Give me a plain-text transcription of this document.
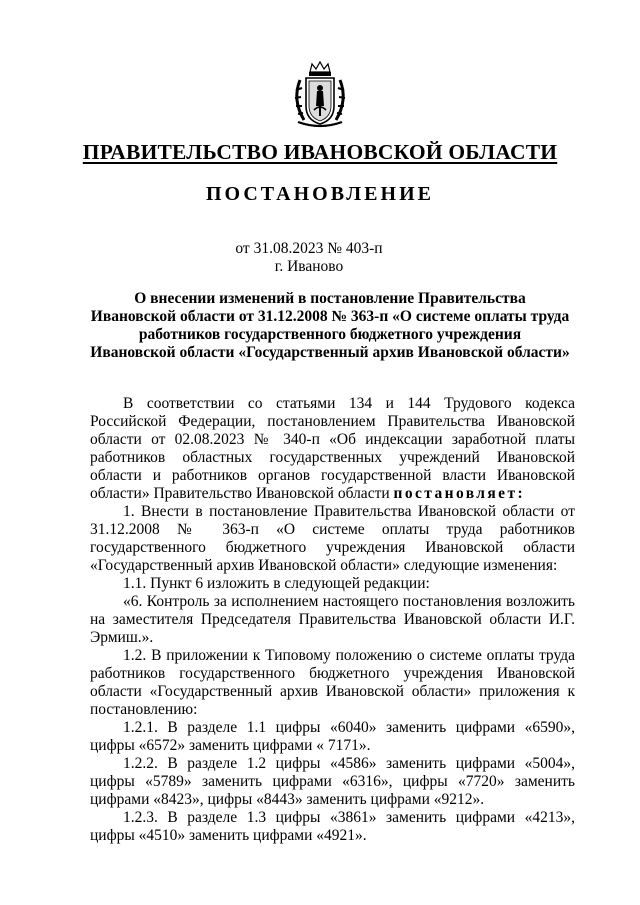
ПРАВИТЕЛЬСТВО ИВАНОВСКОЙ ОБЛАСТИ
ПОСТАНОВЛЕНИЕ
от 31.08.2023 № 403-п
г. Иваново
О внесении изменений в постановление Правительства
Ивановской области от 31.12.2008 № 363-п «О системе оплаты труда
работников государственного бюджетного учреждения
Ивановской области «Государственный архив Ивановской области»

В соответствии со статьями 134 и 144 Трудового кодекса Российской Федерации, постановлением Правительства Ивановской области от 02.08.2023 № 340-п «Об индексации заработной платы работников областных государственных учреждений Ивановской области и работников органов государственной власти Ивановской области» Правительство Ивановской области постановляет:

1. Внести в постановление Правительства Ивановской области от 31.12.2008 № 363-п «О системе оплаты труда работников государственного бюджетного учреждения Ивановской области «Государственный архив Ивановской области» следующие изменения:

1.1. Пункт 6 изложить в следующей редакции:

«6. Контроль за исполнением настоящего постановления возложить на заместителя Председателя Правительства Ивановской области И.Г. Эрмиш.».

1.2. В приложении к Типовому положению о системе оплаты труда работников государственного бюджетного учреждения Ивановской области «Государственный архив Ивановской области» приложения к постановлению:

1.2.1. В разделе 1.1 цифры «6040» заменить цифрами «6590», цифры «6572» заменить цифрами « 7171».

1.2.2. В разделе 1.2 цифры «4586» заменить цифрами «5004», цифры «5789» заменить цифрами «6316», цифры «7720» заменить цифрами «8423», цифры «8443» заменить цифрами «9212».

1.2.3. В разделе 1.3 цифры «3861» заменить цифрами «4213», цифры «4510» заменить цифрами «4921».
